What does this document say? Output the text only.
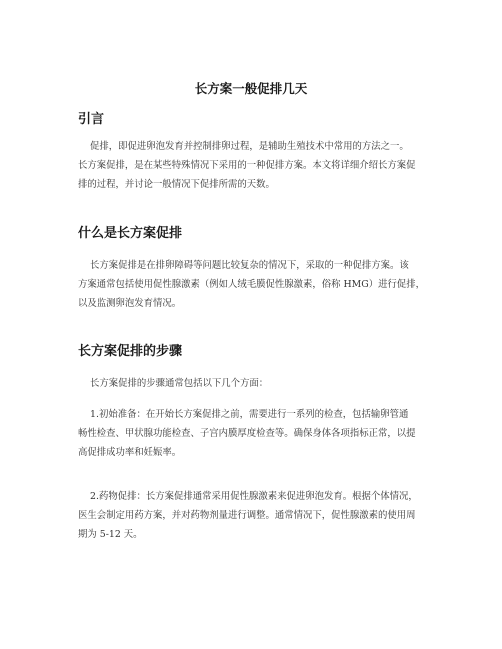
长方案一般促排几天
引言
促排，即促进卵泡发育并控制排卵过程，是辅助生殖技术中常用的方法之一。
长方案促排，是在某些特殊情况下采用的一种促排方案。本文将详细介绍长方案促
排的过程，并讨论一般情况下促排所需的天数。
什么是长方案促排
长方案促排是在排卵障碍等问题比较复杂的情况下，采取的一种促排方案。该
方案通常包括使用促性腺激素（例如人绒毛膜促性腺激素，俗称 HMG）进行促排，
以及监测卵泡发育情况。
长方案促排的步骤
长方案促排的步骤通常包括以下几个方面：
1.初始准备：在开始长方案促排之前，需要进行一系列的检查，包括输卵管通
畅性检查、甲状腺功能检查、子宫内膜厚度检查等。确保身体各项指标正常，以提
高促排成功率和妊娠率。
2.药物促排：长方案促排通常采用促性腺激素来促进卵泡发育。根据个体情况，
医生会制定用药方案，并对药物剂量进行调整。通常情况下，促性腺激素的使用周
期为 5-12 天。
